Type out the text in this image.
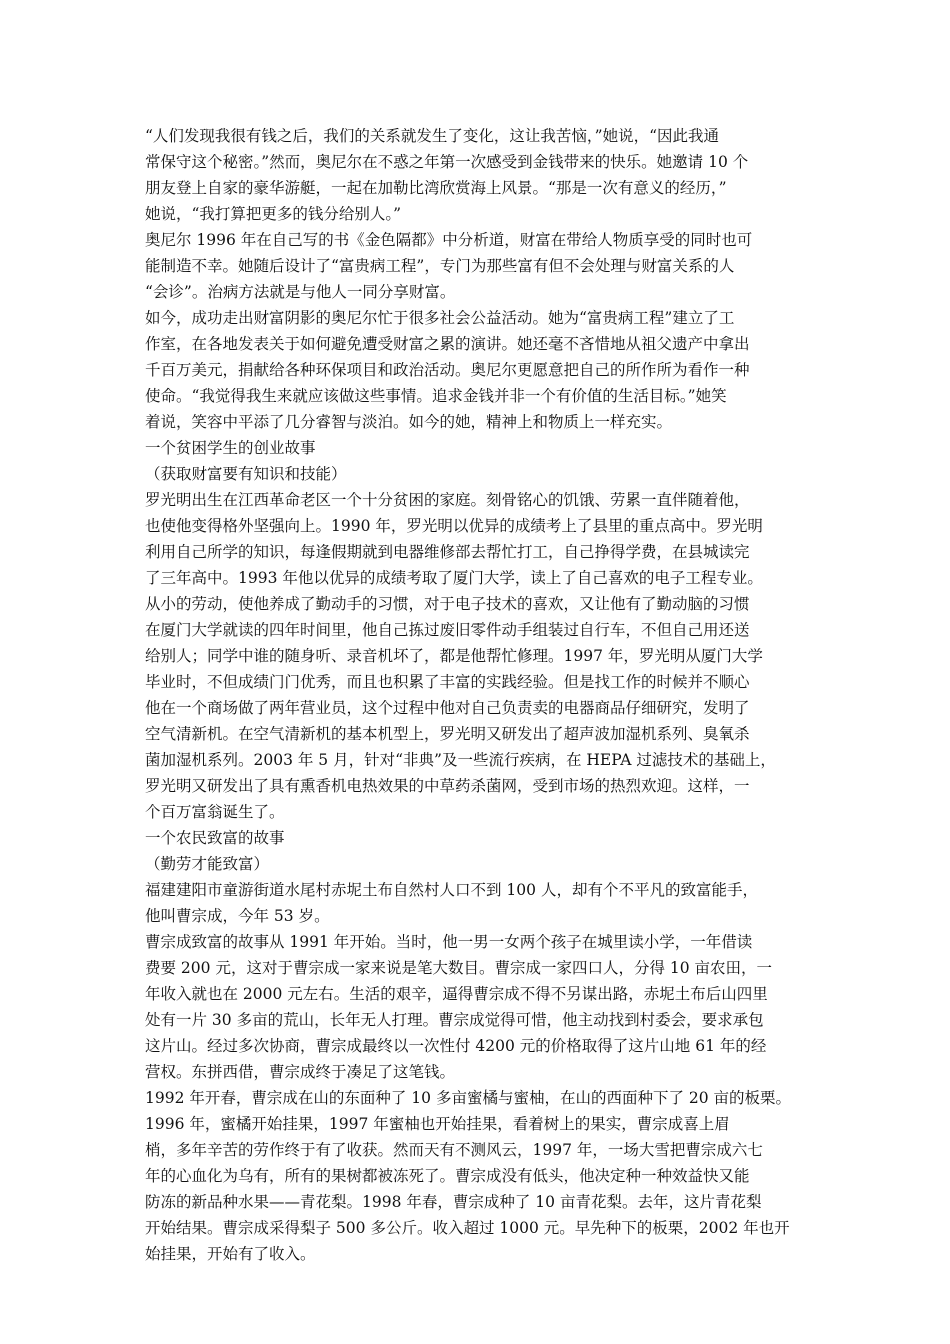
“人们发现我很有钱之后，我们的关系就发生了变化，这让我苦恼，”她说，“因此我通
常保守这个秘密。”然而，奥尼尔在不惑之年第一次感受到金钱带来的快乐。她邀请 10 个
朋友登上自家的豪华游艇，一起在加勒比湾欣赏海上风景。“那是一次有意义的经历，”
她说，“我打算把更多的钱分给别人。”
奥尼尔 1996 年在自己写的书《金色隔都》中分析道，财富在带给人物质享受的同时也可
能制造不幸。她随后设计了“富贵病工程”，专门为那些富有但不会处理与财富关系的人
“会诊”。治病方法就是与他人一同分享财富。
如今，成功走出财富阴影的奥尼尔忙于很多社会公益活动。她为“富贵病工程”建立了工
作室，在各地发表关于如何避免遭受财富之累的演讲。她还毫不吝惜地从祖父遗产中拿出
千百万美元，捐献给各种环保项目和政治活动。奥尼尔更愿意把自己的所作所为看作一种
使命。“我觉得我生来就应该做这些事情。追求金钱并非一个有价值的生活目标。”她笑
着说，笑容中平添了几分睿智与淡泊。如今的她，精神上和物质上一样充实。
一个贫困学生的创业故事
（获取财富要有知识和技能）
罗光明出生在江西革命老区一个十分贫困的家庭。刻骨铭心的饥饿、劳累一直伴随着他，
也使他变得格外坚强向上。1990 年，罗光明以优异的成绩考上了县里的重点高中。罗光明
利用自己所学的知识，每逢假期就到电器维修部去帮忙打工，自己挣得学费，在县城读完
了三年高中。1993 年他以优异的成绩考取了厦门大学，读上了自己喜欢的电子工程专业。
从小的劳动，使他养成了勤动手的习惯，对于电子技术的喜欢，又让他有了勤动脑的习惯
在厦门大学就读的四年时间里，他自己拣过废旧零件动手组装过自行车，不但自己用还送
给别人；同学中谁的随身听、录音机坏了，都是他帮忙修理。1997 年，罗光明从厦门大学
毕业时，不但成绩门门优秀，而且也积累了丰富的实践经验。但是找工作的时候并不顺心
他在一个商场做了两年营业员，这个过程中他对自己负责卖的电器商品仔细研究，发明了
空气清新机。在空气清新机的基本机型上，罗光明又研发出了超声波加湿机系列、臭氧杀
菌加湿机系列。2003 年 5 月，针对“非典”及一些流行疾病，在 HEPA 过滤技术的基础上，
罗光明又研发出了具有熏香机电热效果的中草药杀菌网，受到市场的热烈欢迎。这样，一
个百万富翁诞生了。
一个农民致富的故事
（勤劳才能致富）
福建建阳市童游街道水尾村赤坭土布自然村人口不到 100 人，却有个不平凡的致富能手，
他叫曹宗成，今年 53 岁。
曹宗成致富的故事从 1991 年开始。当时，他一男一女两个孩子在城里读小学，一年借读
费要 200 元，这对于曹宗成一家来说是笔大数目。曹宗成一家四口人，分得 10 亩农田，一
年收入就也在 2000 元左右。生活的艰辛，逼得曹宗成不得不另谋出路，赤坭土布后山四里
处有一片 30 多亩的荒山，长年无人打理。曹宗成觉得可惜，他主动找到村委会，要求承包
这片山。经过多次协商，曹宗成最终以一次性付 4200 元的价格取得了这片山地 61 年的经
营权。东拼西借，曹宗成终于凑足了这笔钱。
1992 年开春，曹宗成在山的东面种了 10 多亩蜜橘与蜜柚，在山的西面种下了 20 亩的板栗。
1996 年，蜜橘开始挂果，1997 年蜜柚也开始挂果，看着树上的果实，曹宗成喜上眉
梢，多年辛苦的劳作终于有了收获。然而天有不测风云，1997 年，一场大雪把曹宗成六七
年的心血化为乌有，所有的果树都被冻死了。曹宗成没有低头，他决定种一种效益快又能
防冻的新品种水果——青花梨。1998 年春，曹宗成种了 10 亩青花梨。去年，这片青花梨
开始结果。曹宗成采得梨子 500 多公斤。收入超过 1000 元。早先种下的板栗，2002 年也开
始挂果，开始有了收入。
